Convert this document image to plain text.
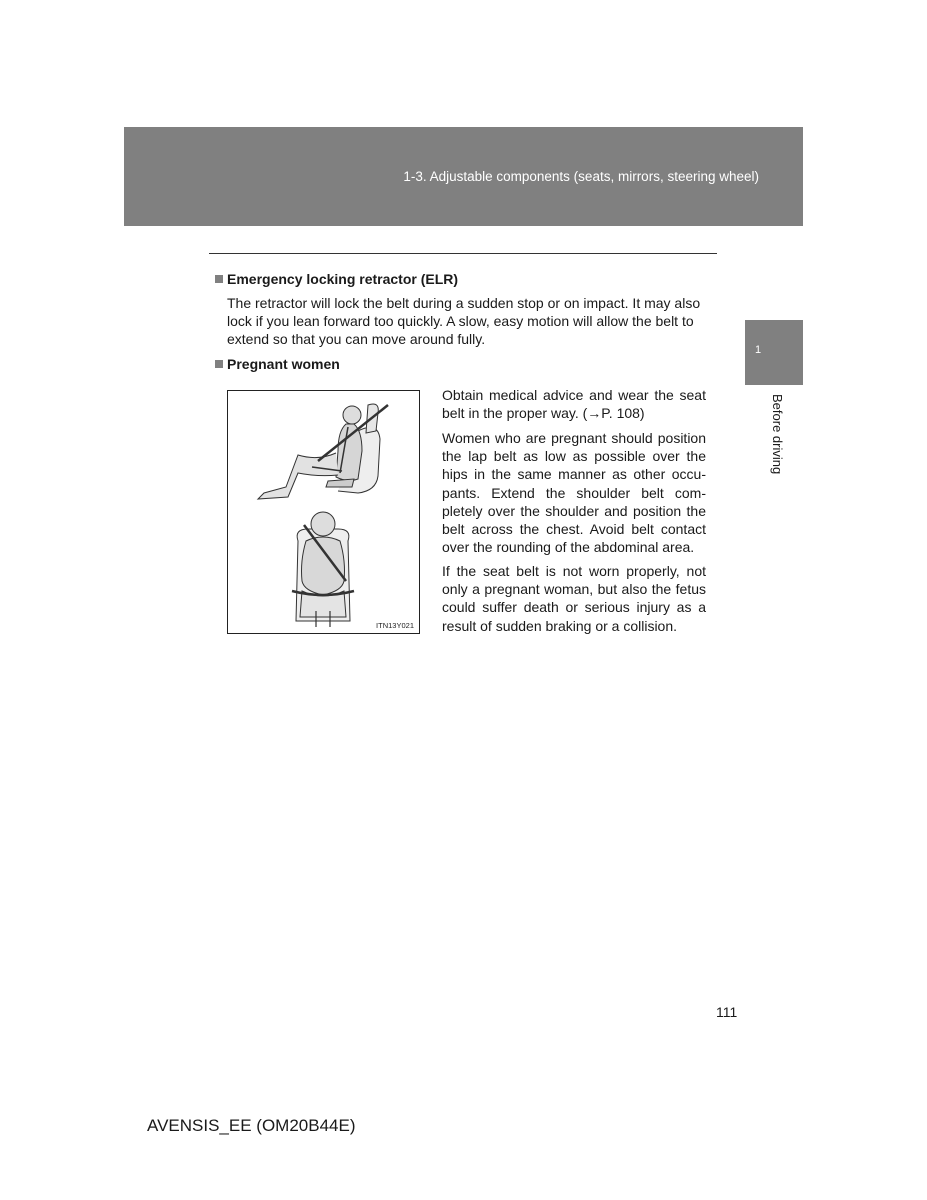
1-3. Adjustable components (seats, mirrors, steering wheel)
1
Before driving
Emergency locking retractor (ELR)

The retractor will lock the belt during a sudden stop or on impact. It may also lock if you lean forward too quickly. A slow, easy motion will allow the belt to extend so that you can move around fully.

Pregnant women
ITN13Y021

Obtain medical advice and wear the seat belt in the proper way. (→P. 108)

Women who are pregnant should position the lap belt as low as possible over the hips in the same manner as other occu-pants. Extend the shoulder belt com-pletely over the shoulder and position the belt across the chest. Avoid belt contact over the rounding of the abdominal area.

If the seat belt is not worn properly, not only a pregnant woman, but also the fetus could suffer death or serious injury as a result of sudden braking or a collision.

111
AVENSIS_EE (OM20B44E)
